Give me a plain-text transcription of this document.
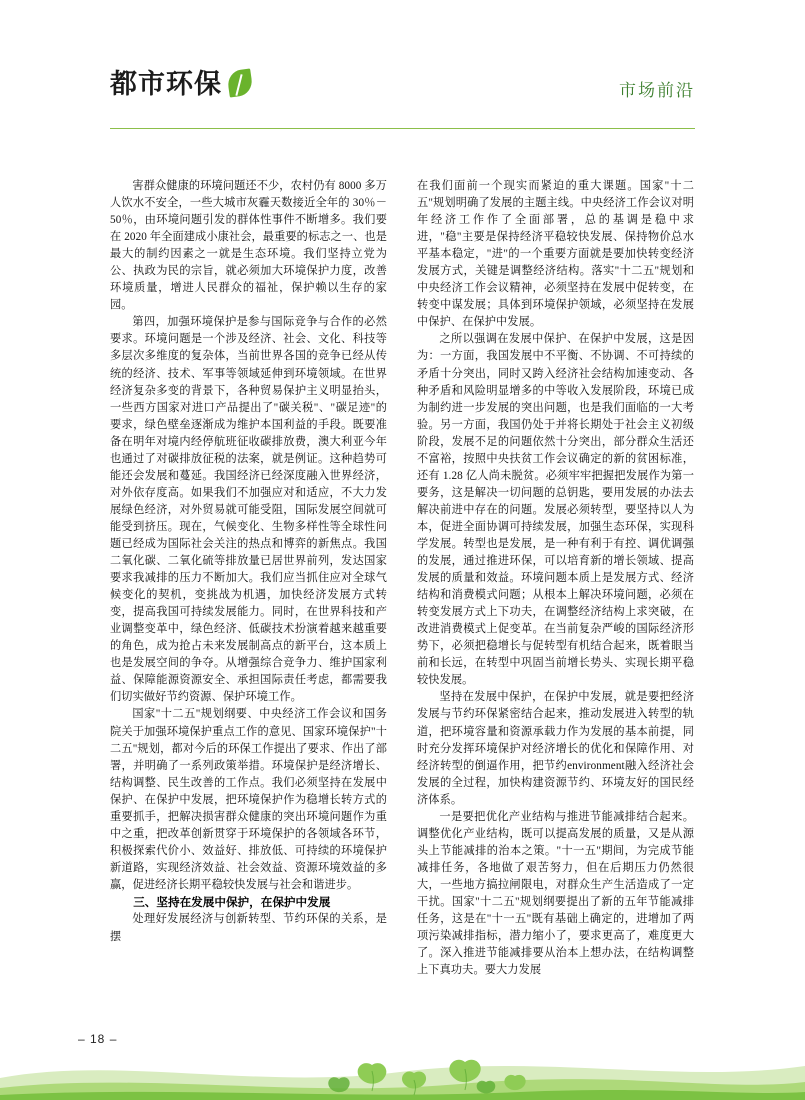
都市环保	市场前沿

害群众健康的环境问题还不少，农村仍有 8000 多万人饮水不安全，一些大城市灰霾天数接近全年的 30％－50％，由环境问题引发的群体性事件不断增多。我们要在 2020 年全面建成小康社会，最重要的标志之一、也是最大的制约因素之一就是生态环境。我们坚持立党为公、执政为民的宗旨，就必须加大环境保护力度，改善环境质量，增进人民群众的福祉，保护赖以生存的家园。

第四，加强环境保护是参与国际竞争与合作的必然要求。环境问题是一个涉及经济、社会、文化、科技等多层次多维度的复杂体，当前世界各国的竞争已经从传统的经济、技术、军事等领域延伸到环境领域。在世界经济复杂多变的背景下，各种贸易保护主义明显抬头，一些西方国家对进口产品提出了"碳关税"、"碳足迹"的要求，绿色壁垒逐渐成为维护本国利益的手段。既要准备在明年对境内经停航班征收碳排放费，澳大利亚今年也通过了对碳排放征税的法案，就是例证。这种趋势可能还会发展和蔓延。我国经济已经深度融入世界经济，对外依存度高。如果我们不加强应对和适应，不大力发展绿色经济，对外贸易就可能受阻，国际发展空间就可能受到挤压。现在，气候变化、生物多样性等全球性问题已经成为国际社会关注的热点和博弈的新焦点。我国二氧化碳、二氧化硫等排放量已居世界前列，发达国家要求我减排的压力不断加大。我们应当抓住应对全球气候变化的契机，变挑战为机遇，加快经济发展方式转变，提高我国可持续发展能力。同时，在世界科技和产业调整变革中，绿色经济、低碳技术扮演着越来越重要的角色，成为抢占未来发展制高点的新平台，这本质上也是发展空间的争夺。从增强综合竞争力、维护国家利益、保障能源资源安全、承担国际责任考虑，都需要我们切实做好节约资源、保护环境工作。

国家"十二五"规划纲要、中央经济工作会议和国务院关于加强环境保护重点工作的意见、国家环境保护"十二五"规划，都对今后的环保工作提出了要求、作出了部署，并明确了一系列政策举措。环境保护是经济增长、结构调整、民生改善的工作点。我们必须坚持在发展中保护、在保护中发展，把环境保护作为稳增长转方式的重要抓手，把解决损害群众健康的突出环境问题作为重中之重，把改革创新贯穿于环境保护的各领域各环节，积极探索代价小、效益好、排放低、可持续的环境保护新道路，实现经济效益、社会效益、资源环境效益的多赢，促进经济长期平稳较快发展与社会和谐进步。

三、坚持在发展中保护，在保护中发展

处理好发展经济与创新转型、节约环保的关系，是摆

在我们面前一个现实而紧迫的重大课题。国家"十二五"规划明确了发展的主题主线。中央经济工作会议对明年经济工作作了全面部署，总的基调是稳中求进，"稳"主要是保持经济平稳较快发展、保持物价总水平基本稳定，"进"的一个重要方面就是要加快转变经济发展方式，关键是调整经济结构。落实"十二五"规划和中央经济工作会议精神，必须坚持在发展中促转变，在转变中谋发展；具体到环境保护领域，必须坚持在发展中保护、在保护中发展。

之所以强调在发展中保护、在保护中发展，这是因为：一方面，我国发展中不平衡、不协调、不可持续的矛盾十分突出，同时又跨入经济社会结构加速变动、各种矛盾和风险明显增多的中等收入发展阶段，环境已成为制约进一步发展的突出问题，也是我们面临的一大考验。另一方面，我国仍处于并将长期处于社会主义初级阶段，发展不足的问题依然十分突出，部分群众生活还不富裕，按照中央扶贫工作会议确定的新的贫困标准，还有 1.28 亿人尚未脱贫。必须牢牢把握把发展作为第一要务，这是解决一切问题的总钥匙，要用发展的办法去解决前进中存在的问题。发展必须转型，要坚持以人为本，促进全面协调可持续发展，加强生态环保，实现科学发展。转型也是发展，是一种有利于有控、调优调强的发展，通过推进环保，可以培育新的增长领域、提高发展的质量和效益。环境问题本质上是发展方式、经济结构和消费模式问题；从根本上解决环境问题，必须在转变发展方式上下功夫，在调整经济结构上求突破，在改进消费模式上促变革。在当前复杂严峻的国际经济形势下，必须把稳增长与促转型有机结合起来，既着眼当前和长远，在转型中巩固当前增长势头、实现长期平稳较快发展。

坚持在发展中保护，在保护中发展，就是要把经济发展与节约环保紧密结合起来，推动发展进入转型的轨道，把环境容量和资源承载力作为发展的基本前提，同时充分发挥环境保护对经济增长的优化和保障作用、对经济转型的倒逼作用，把节约environment融入经济社会发展的全过程，加快构建资源节约、环境友好的国民经济体系。

一是要把优化产业结构与推进节能减排结合起来。调整优化产业结构，既可以提高发展的质量，又是从源头上节能减排的治本之策。"十一五"期间，为完成节能减排任务，各地做了艰苦努力，但在后期压力仍然很大，一些地方搞拉闸限电，对群众生产生活造成了一定干扰。国家"十二五"规划纲要提出了新的五年节能减排任务，这是在"十一五"既有基础上确定的，进增加了两项污染减排指标，潜力缩小了，要求更高了，难度更大了。深入推进节能减排要从治本上想办法，在结构调整上下真功夫。要大力发展

– 18 –
